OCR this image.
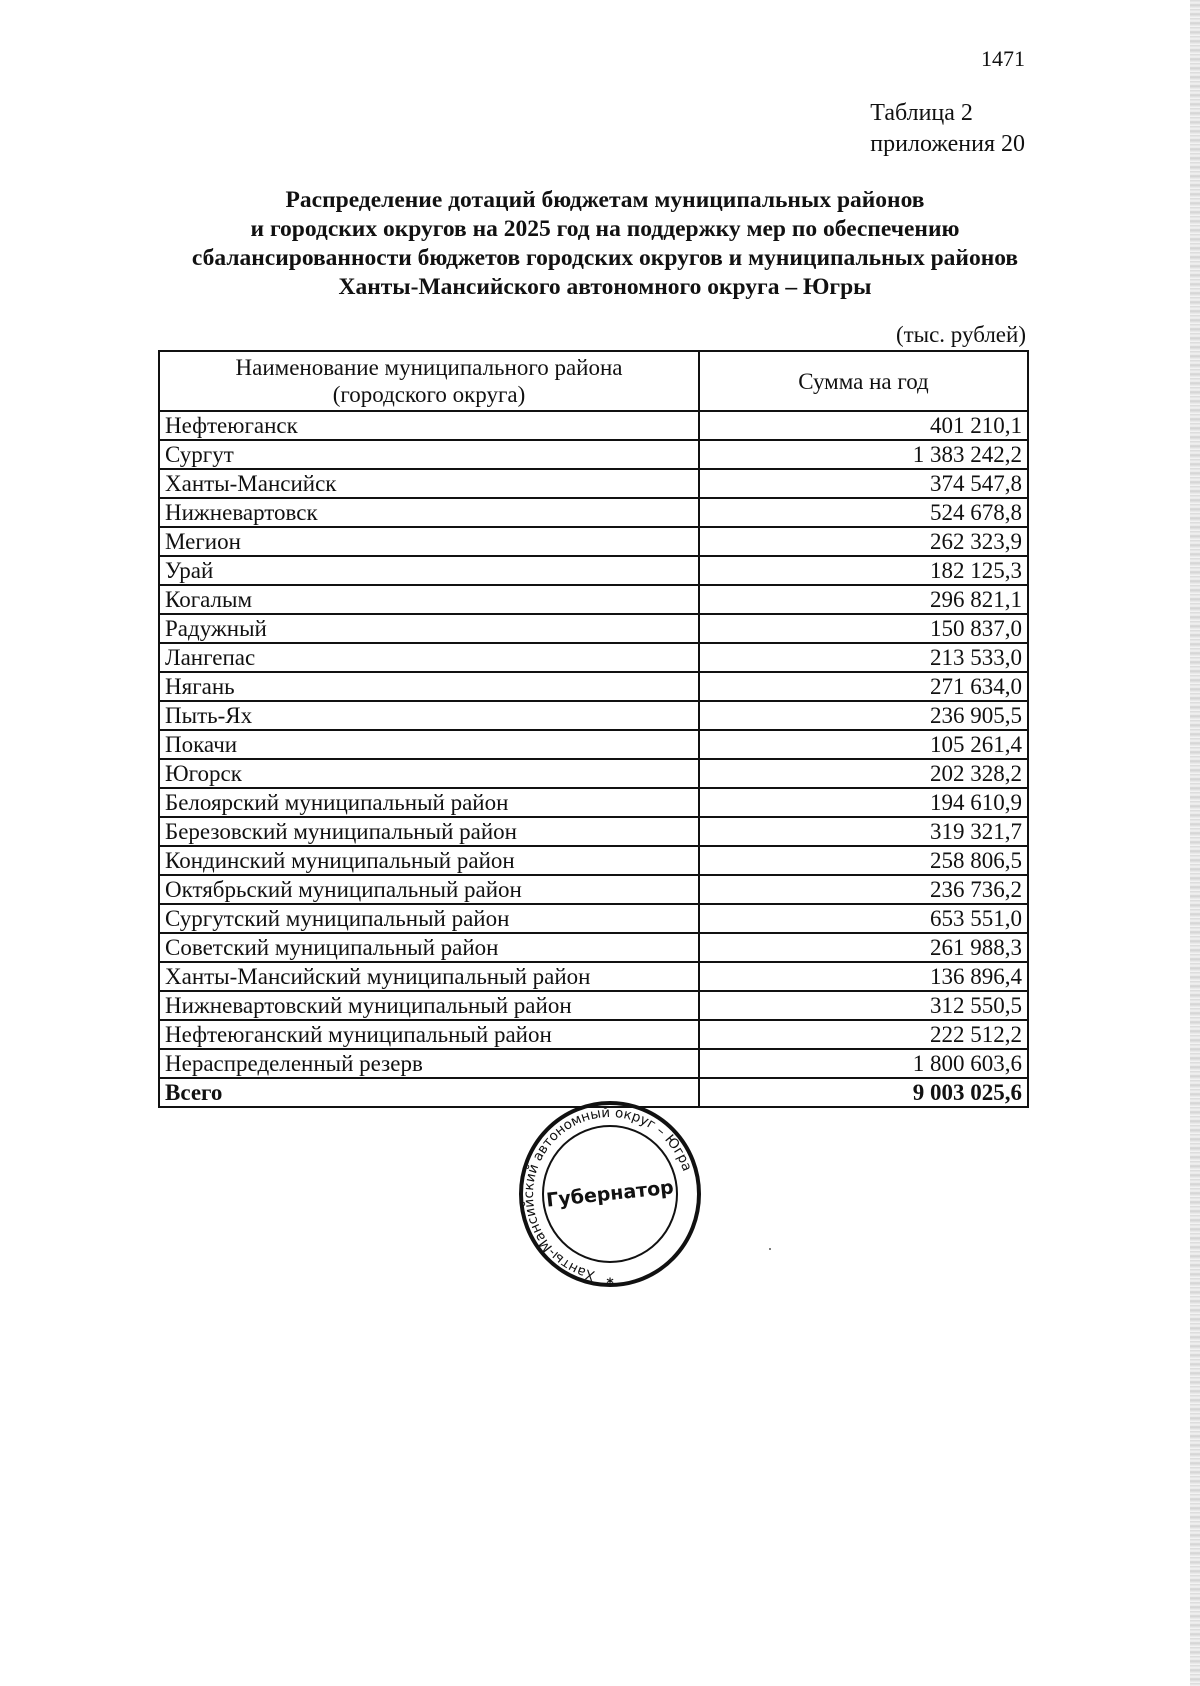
1471
Таблица 2
приложения 20
Распределение дотаций бюджетам муниципальных районов
и городских округов на 2025 год на поддержку мер по обеспечению
сбалансированности бюджетов городских округов и муниципальных районов
Ханты-Мансийского автономного округа – Югры
(тыс. рублей)
Наименование муниципального района
(городского округа)	Сумма на год
Нефтеюганск	401 210,1
Сургут	1 383 242,2
Ханты-Мансийск	374 547,8
Нижневартовск	524 678,8
Мегион	262 323,9
Урай	182 125,3
Когалым	296 821,1
Радужный	150 837,0
Лангепас	213 533,0
Нягань	271 634,0
Пыть-Ях	236 905,5
Покачи	105 261,4
Югорск	202 328,2
Белоярский муниципальный район	194 610,9
Березовский муниципальный район	319 321,7
Кондинский муниципальный район	258 806,5
Октябрьский муниципальный район	236 736,2
Сургутский муниципальный район	653 551,0
Советский муниципальный район	261 988,3
Ханты-Мансийский муниципальный район	136 896,4
Нижневартовский муниципальный район	312 550,5
Нефтеюганский муниципальный район	222 512,2
Нераспределенный резерв	1 800 603,6
Всего	9 003 025,6
Ханты-Мансийский автономный округ – Югра
Губернатор
*
